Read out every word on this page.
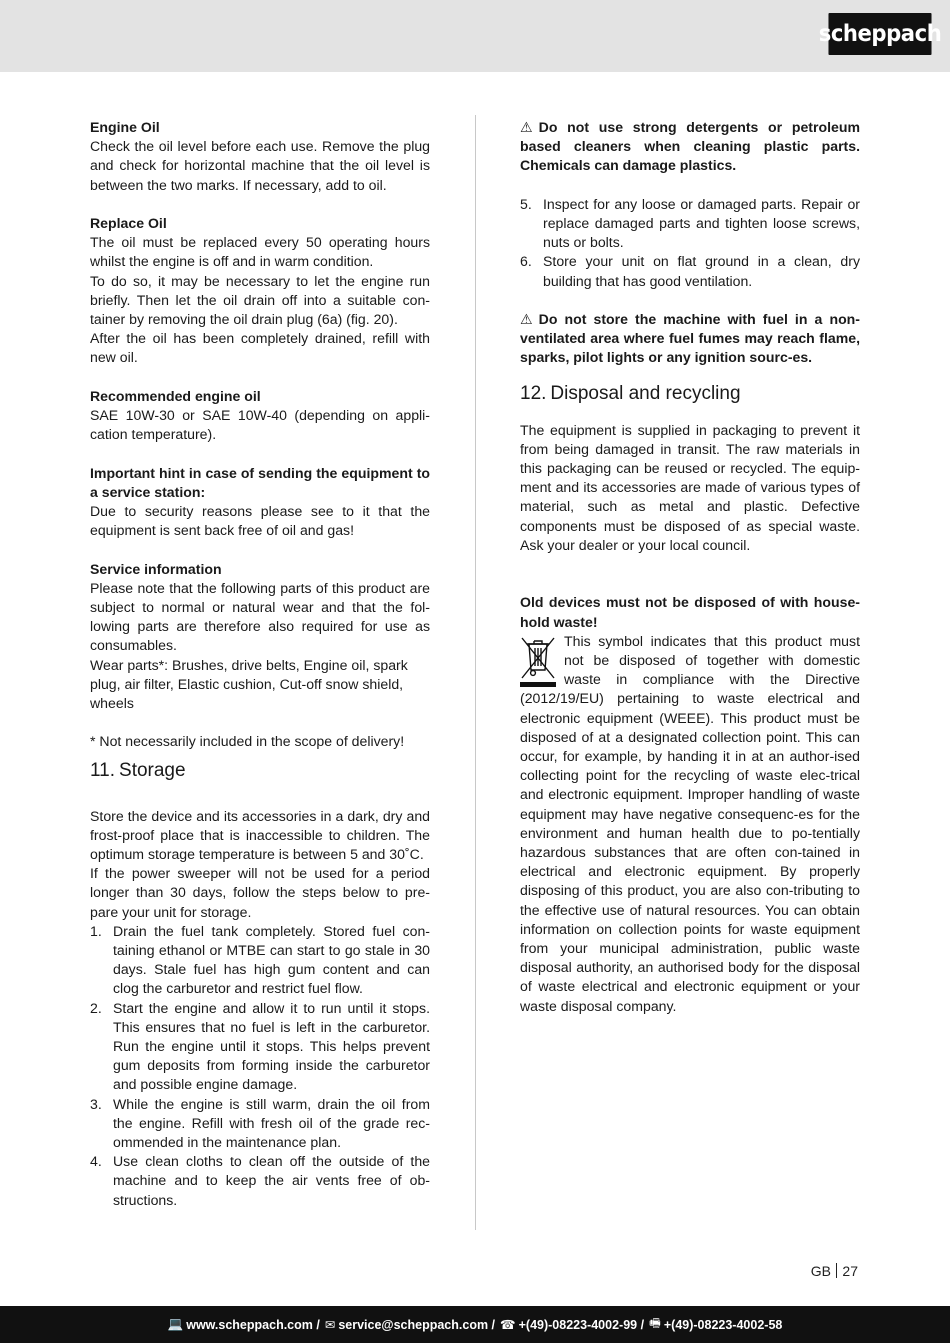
scheppach

Engine Oil

Check the oil level before each use. Remove the plug and check for horizontal machine that the oil level is between the two marks. If necessary, add to oil.

Replace Oil

The oil must be replaced every 50 operating hours whilst the engine is off and in warm condition.

To do so, it may be necessary to let the engine run briefly. Then let the oil drain off into a suitable con-tainer by removing the oil drain plug (6a) (fig. 20).

After the oil has been completely drained, refill with new oil.

Recommended engine oil

SAE 10W-30 or SAE 10W-40 (depending on appli-cation temperature).

Important hint in case of sending the equipment to a service station:

Due to security reasons please see to it that the equipment is sent back free of oil and gas!

Service information

Please note that the following parts of this product are subject to normal or natural wear and that the fol-lowing parts are therefore also required for use as consumables.

Wear parts*: Brushes, drive belts, Engine oil, spark plug, air filter, Elastic cushion, Cut-off snow shield, wheels

* Not necessarily included in the scope of delivery!

11. Storage

Store the device and its accessories in a dark, dry and frost-proof place that is inaccessible to children. The optimum storage temperature is between 5 and 30˚C.

If the power sweeper will not be used for a period longer than 30 days, follow the steps below to pre-pare your unit for storage.

1. Drain the fuel tank completely. Stored fuel con-taining ethanol or MTBE can start to go stale in 30 days. Stale fuel has high gum content and can clog the carburetor and restrict fuel flow.
2. Start the engine and allow it to run until it stops. This ensures that no fuel is left in the carburetor. Run the engine until it stops. This helps prevent gum deposits from forming inside the carburetor and possible engine damage.
3. While the engine is still warm, drain the oil from the engine. Refill with fresh oil of the grade rec-ommended in the maintenance plan.
4. Use clean cloths to clean off the outside of the machine and to keep the air vents free of ob-structions.

⚠ Do not use strong detergents or petroleum based cleaners when cleaning plastic parts. Chemicals can damage plastics.

5. Inspect for any loose or damaged parts. Repair or replace damaged parts and tighten loose screws, nuts or bolts.
6. Store your unit on flat ground in a clean, dry building that has good ventilation.

⚠ Do not store the machine with fuel in a non-ventilated area where fuel fumes may reach flame, sparks, pilot lights or any ignition sourc-es.

12. Disposal and recycling

The equipment is supplied in packaging to prevent it from being damaged in transit. The raw materials in this packaging can be reused or recycled. The equip-ment and its accessories are made of various types of material, such as metal and plastic. Defective components must be disposed of as special waste. Ask your dealer or your local council.

Old devices must not be disposed of with house-hold waste!

This symbol indicates that this product must not be disposed of together with domestic waste in compliance with the Directive (2012/19/EU) pertaining to waste electrical and electronic equipment (WEEE). This product must be disposed of at a designated collection point. This can occur, for example, by handing it in at an author-ised collecting point for the recycling of waste elec-trical and electronic equipment. Improper handling of waste equipment may have negative consequenc-es for the environment and human health due to po-tentially hazardous substances that are often con-tained in electrical and electronic equipment. By properly disposing of this product, you are also con-tributing to the effective use of natural resources. You can obtain information on collection points for waste equipment from your municipal administration, public waste disposal authority, an authorised body for the disposal of waste electrical and electronic equipment or your waste disposal company.

GB 27
💻 www.scheppach.com / ✉ service@scheppach.com / ☎ +(49)-08223-4002-99 / 🖷 +(49)-08223-4002-58
